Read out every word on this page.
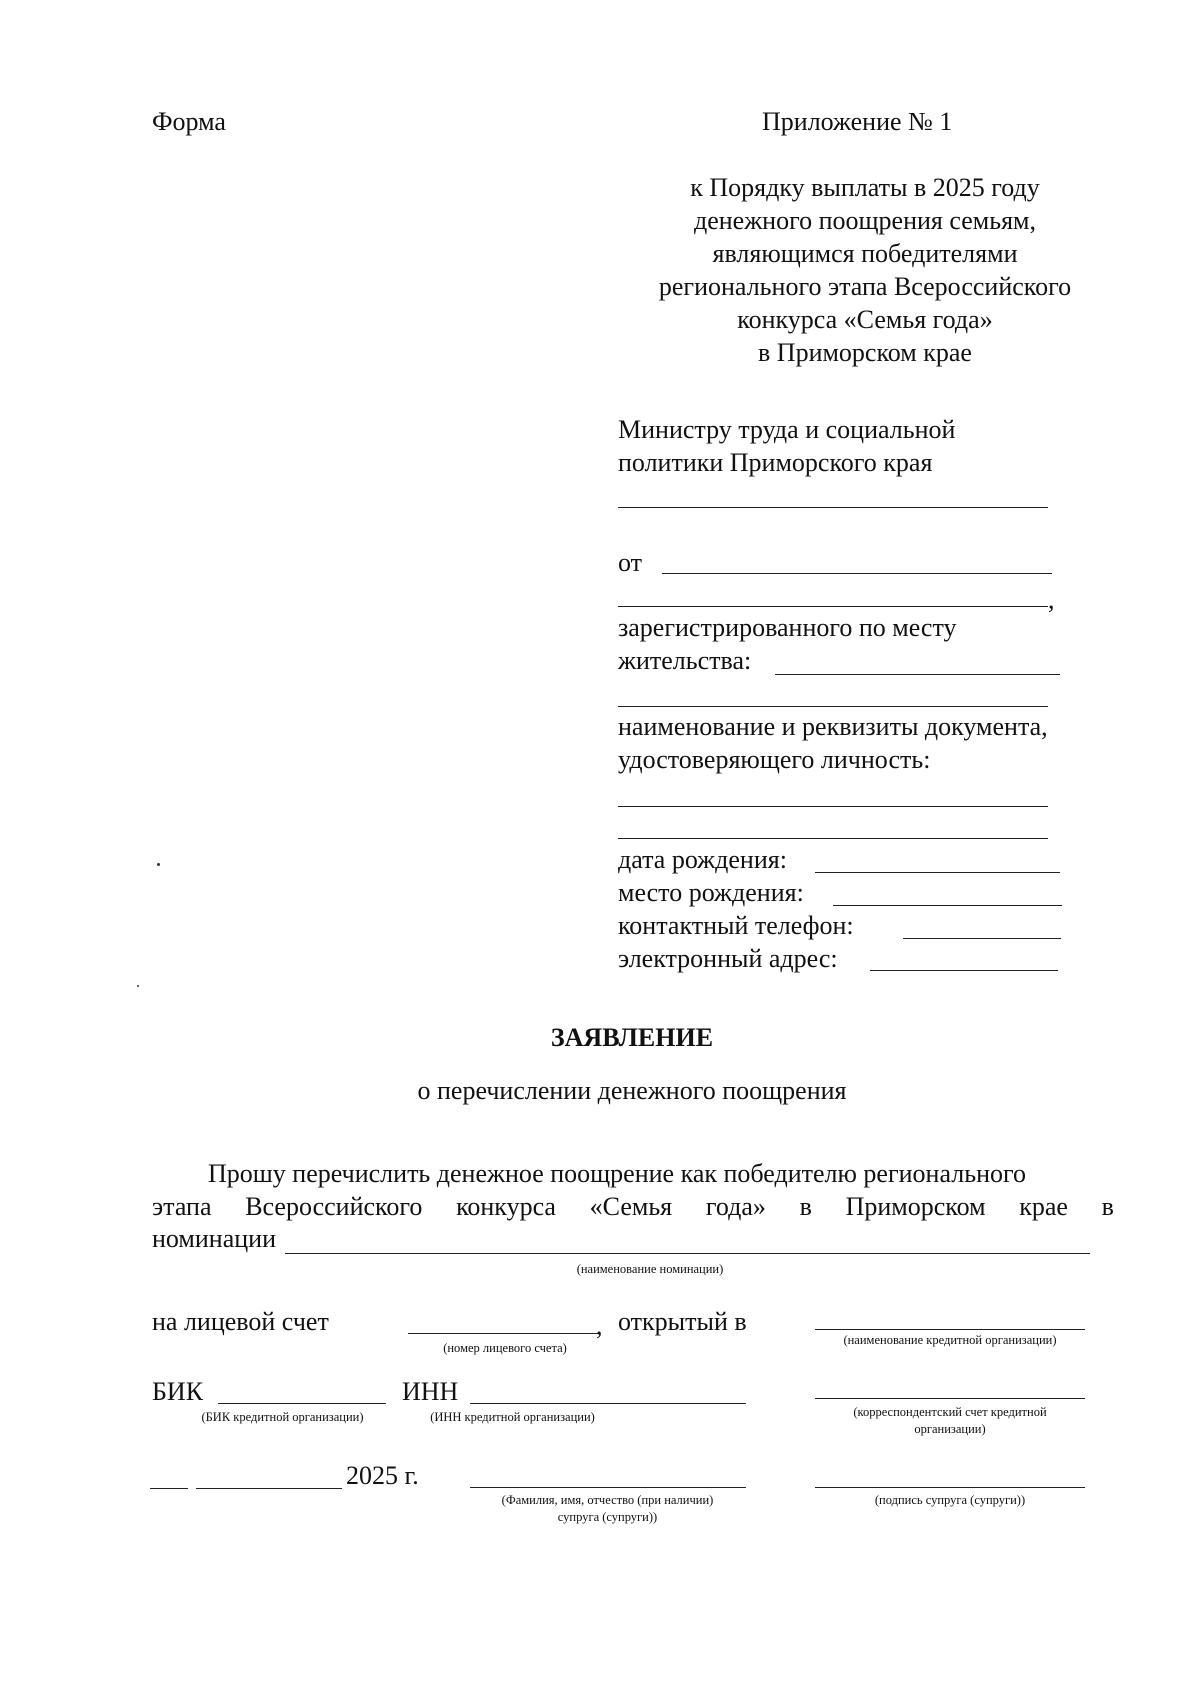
Форма	Приложение № 1
к Порядку выплаты в 2025 году
денежного поощрения семьям,
являющимся победителями
регионального этапа Всероссийского
конкурса «Семья года»
в Приморском крае
Министру труда и социальной
политики Приморского края
от
,
зарегистрированного по месту
жительства:
наименование и реквизиты документа,
удостоверяющего личность:
дата рождения:
место рождения:
контактный телефон:
электронный адрес:
ЗАЯВЛЕНИЕ
о перечислении денежного поощрения
Прошу перечислить денежное поощрение как победителю регионального
этапа Всероссийского конкурса «Семья года» в Приморском крае в
номинации
(наименование номинации)
на лицевой счет	, открытый в
(номер лицевого счета)
(наименование кредитной организации)
БИК	ИНН
(БИК кредитной организации)	(ИНН кредитной организации)	(корреспондентский счет кредитной
организации)
2025 г.
(Фамилия, имя, отчество (при наличии)
супруга (супруги))
(подпись супруга (супруги))
